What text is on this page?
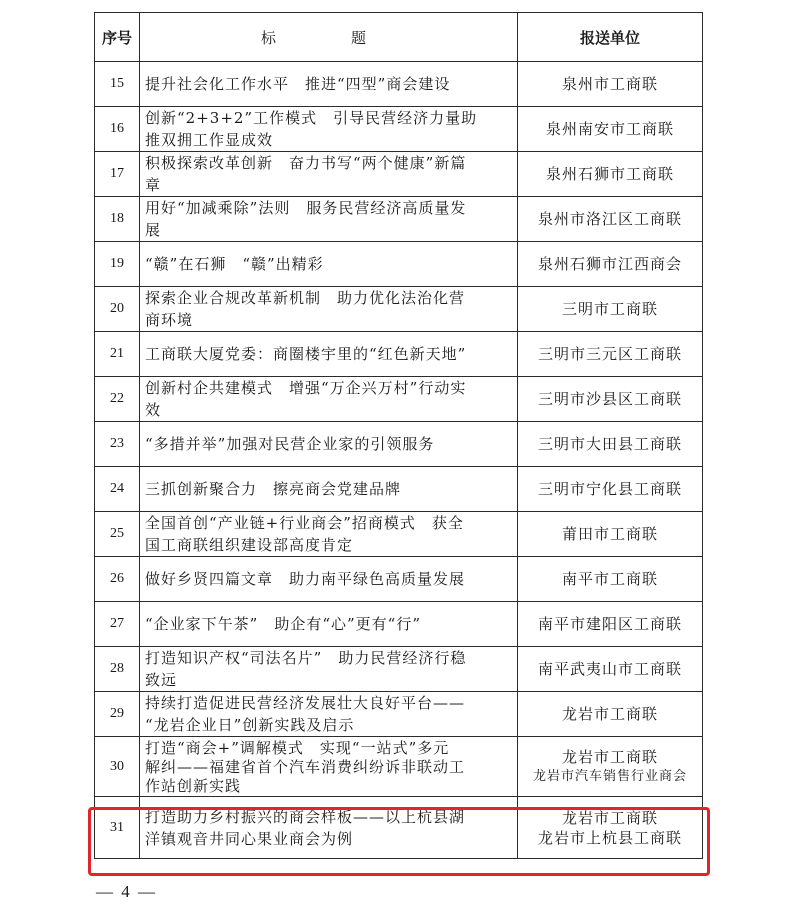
序号	标　题	报送单位
15	提升社会化工作水平　推进“四型”商会建设	泉州市工商联

16	创新“2+3+2”工作模式　引导民营经济力量助
推双拥工作显成效	泉州南安市工商联

17	积极探索改革创新　奋力书写“两个健康”新篇
章	泉州石狮市工商联

18	用好“加减乘除”法则　服务民营经济高质量发
展	泉州市洛江区工商联

19	“赣”在石狮　“赣”出精彩	泉州石狮市江西商会

20	探索企业合规改革新机制　助力优化法治化营
商环境	三明市工商联

21	工商联大厦党委：商圈楼宇里的“红色新天地”	三明市三元区工商联

22	创新村企共建模式　增强“万企兴万村”行动实
效	三明市沙县区工商联

23	“多措并举”加强对民营企业家的引领服务	三明市大田县工商联

24	三抓创新聚合力　擦亮商会党建品牌	三明市宁化县工商联

25	全国首创“产业链+行业商会”招商模式　获全
国工商联组织建设部高度肯定	莆田市工商联

26	做好乡贤四篇文章　助力南平绿色高质量发展	南平市工商联

27	“企业家下午茶”　助企有“心”更有“行”	南平市建阳区工商联

28	打造知识产权“司法名片”　助力民营经济行稳
致远	南平武夷山市工商联

29	持续打造促进民营经济发展壮大良好平台——
“龙岩企业日”创新实践及启示	龙岩市工商联

30	打造“商会+”调解模式　实现“一站式”多元
解纠——福建省首个汽车消费纠纷诉非联动工
作站创新实践	龙岩市工商联
龙岩市汽车销售行业商会

31	打造助力乡村振兴的商会样板——以上杭县湖
洋镇观音井同心果业商会为例	龙岩市工商联
龙岩市上杭县工商联
— 4 —
